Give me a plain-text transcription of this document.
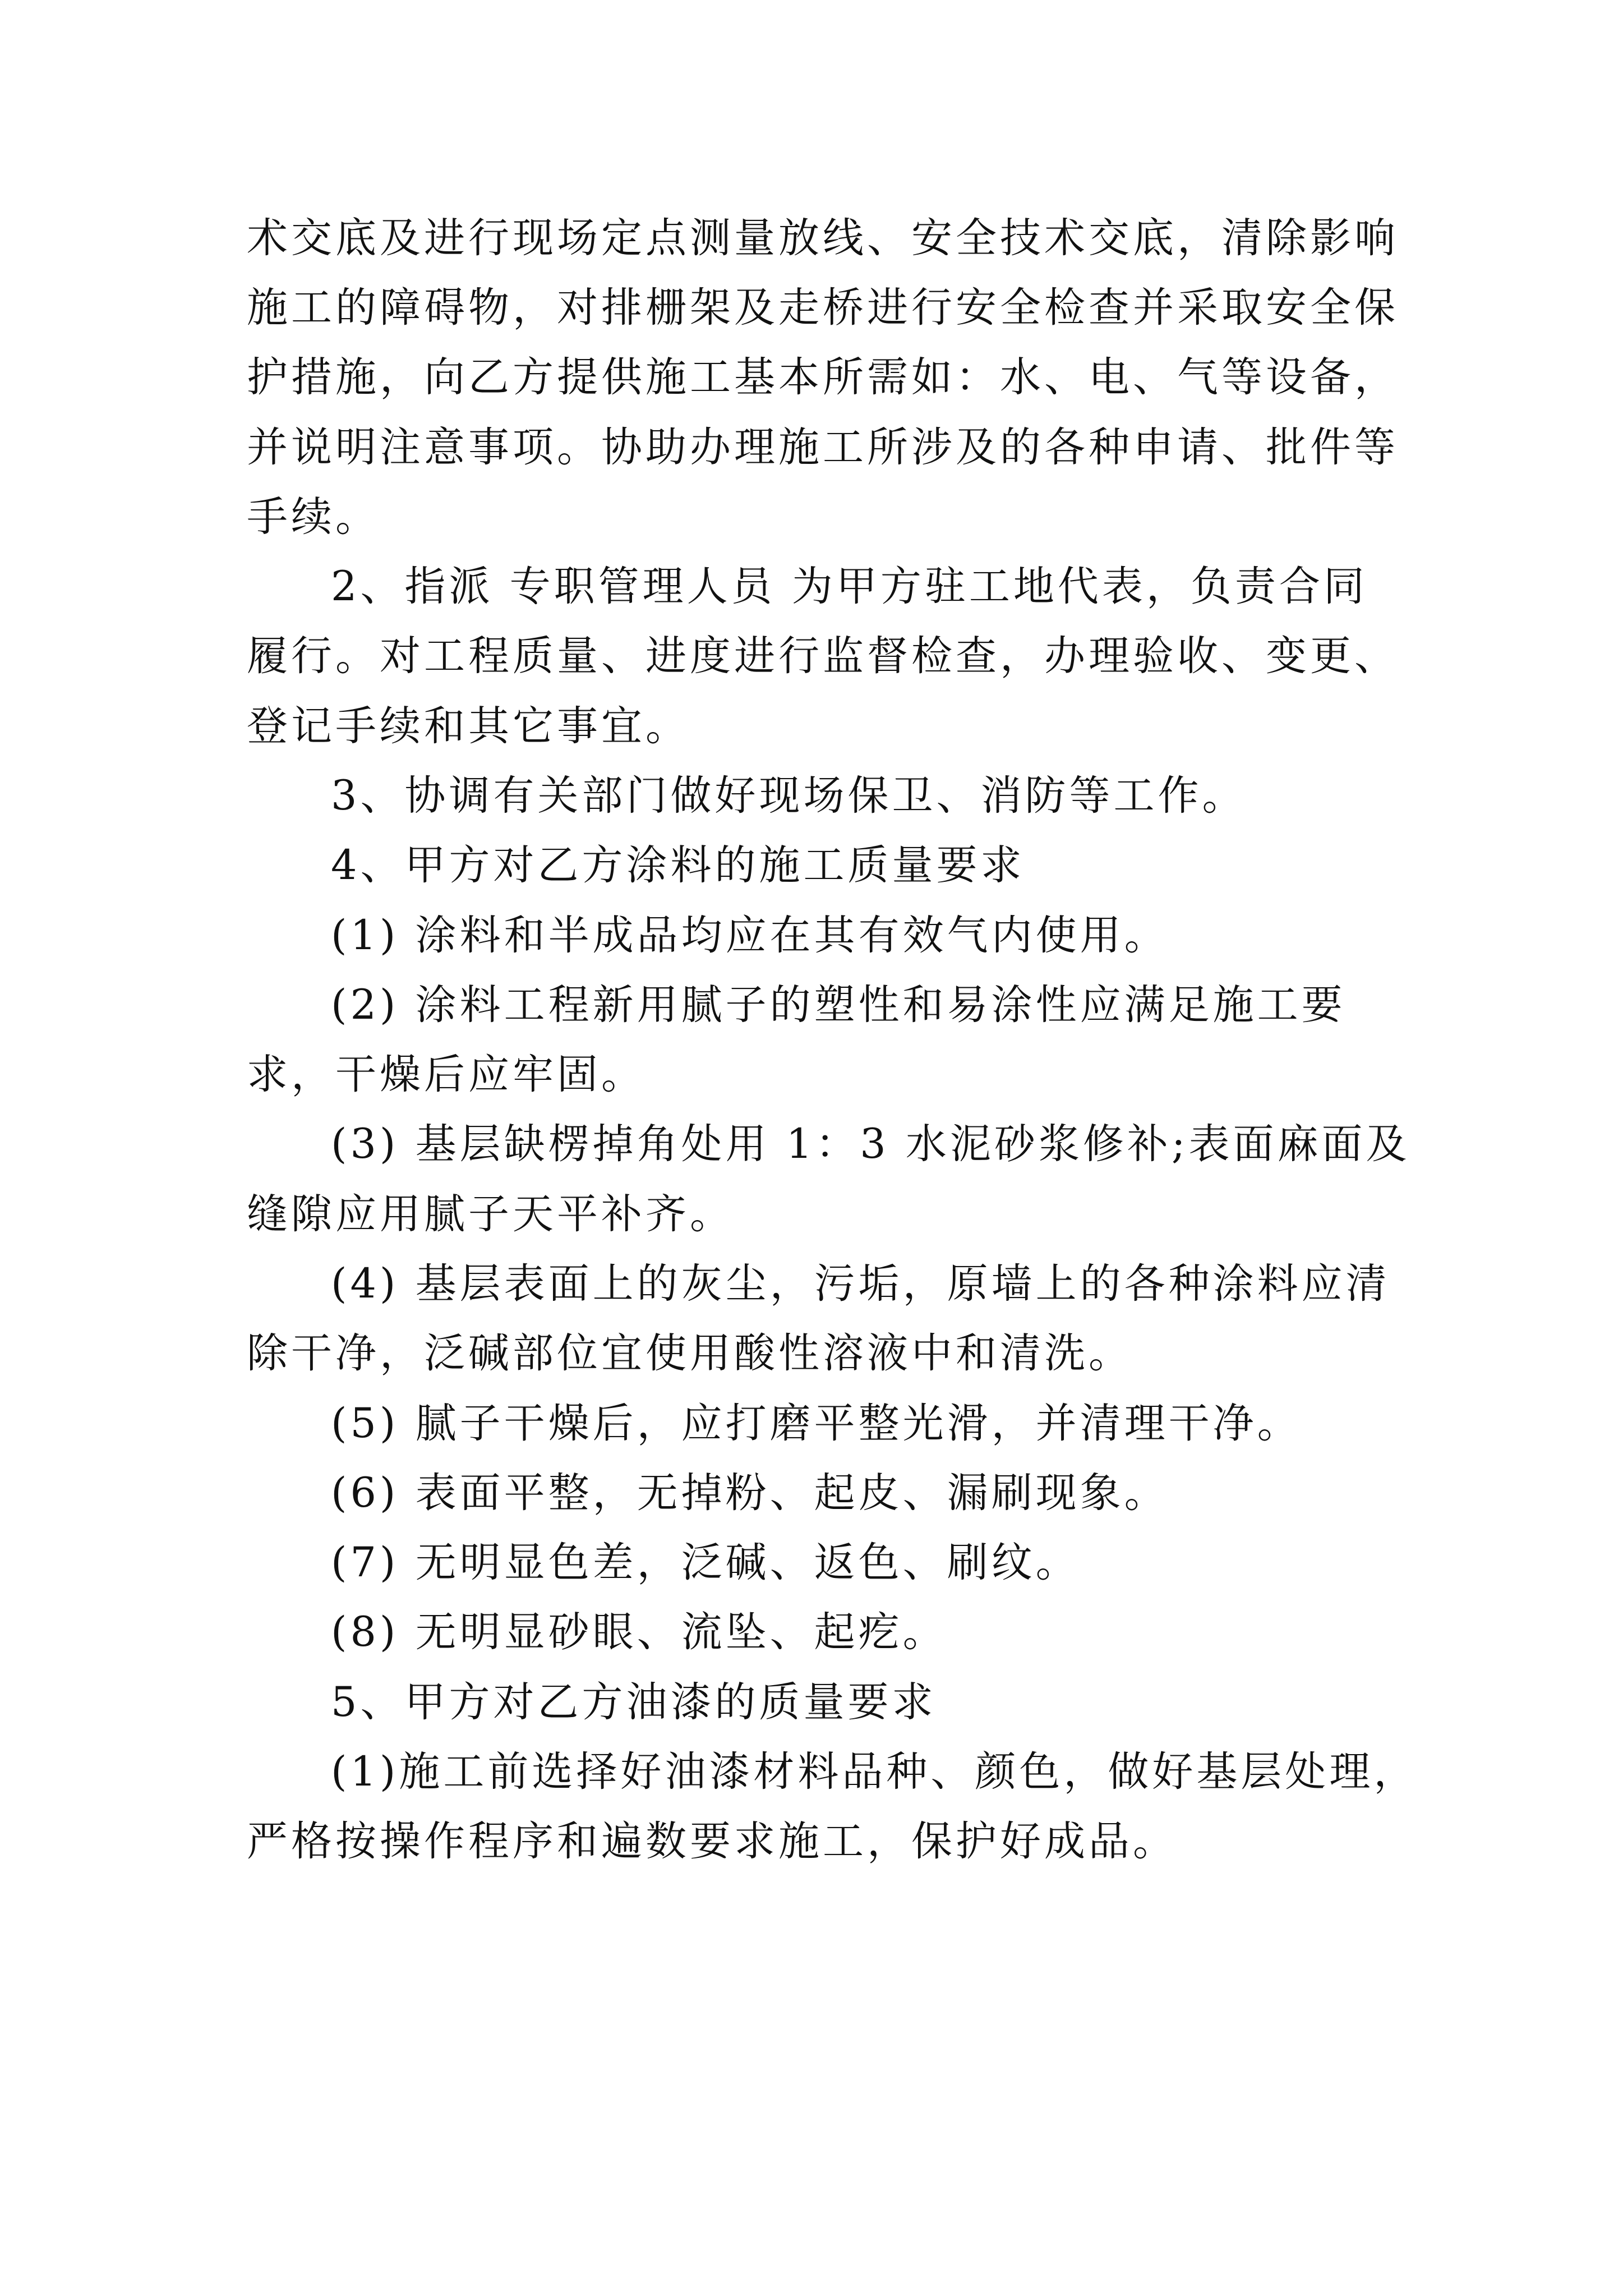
术交底及进行现场定点测量放线、安全技术交底，清除影响

施工的障碍物，对排栅架及走桥进行安全检查并采取安全保

护措施，向乙方提供施工基本所需如：水、电、气等设备，

并说明注意事项。协助办理施工所涉及的各种申请、批件等

手续。

2、指派 专职管理人员 为甲方驻工地代表，负责合同

履行。对工程质量、进度进行监督检查，办理验收、变更、

登记手续和其它事宜。

3、协调有关部门做好现场保卫、消防等工作。

4、甲方对乙方涂料的施工质量要求

(1) 涂料和半成品均应在其有效气内使用。

(2) 涂料工程新用腻子的塑性和易涂性应满足施工要

求，干燥后应牢固。

(3) 基层缺楞掉角处用 1：3 水泥砂浆修补;表面麻面及

缝隙应用腻子天平补齐。

(4) 基层表面上的灰尘，污垢，原墙上的各种涂料应清

除干净，泛碱部位宜使用酸性溶液中和清洗。

(5) 腻子干燥后，应打磨平整光滑，并清理干净。

(6) 表面平整，无掉粉、起皮、漏刷现象。

(7) 无明显色差，泛碱、返色、刷纹。

(8) 无明显砂眼、流坠、起疙。

5、甲方对乙方油漆的质量要求

(1)施工前选择好油漆材料品种、颜色，做好基层处理，

严格按操作程序和遍数要求施工，保护好成品。
